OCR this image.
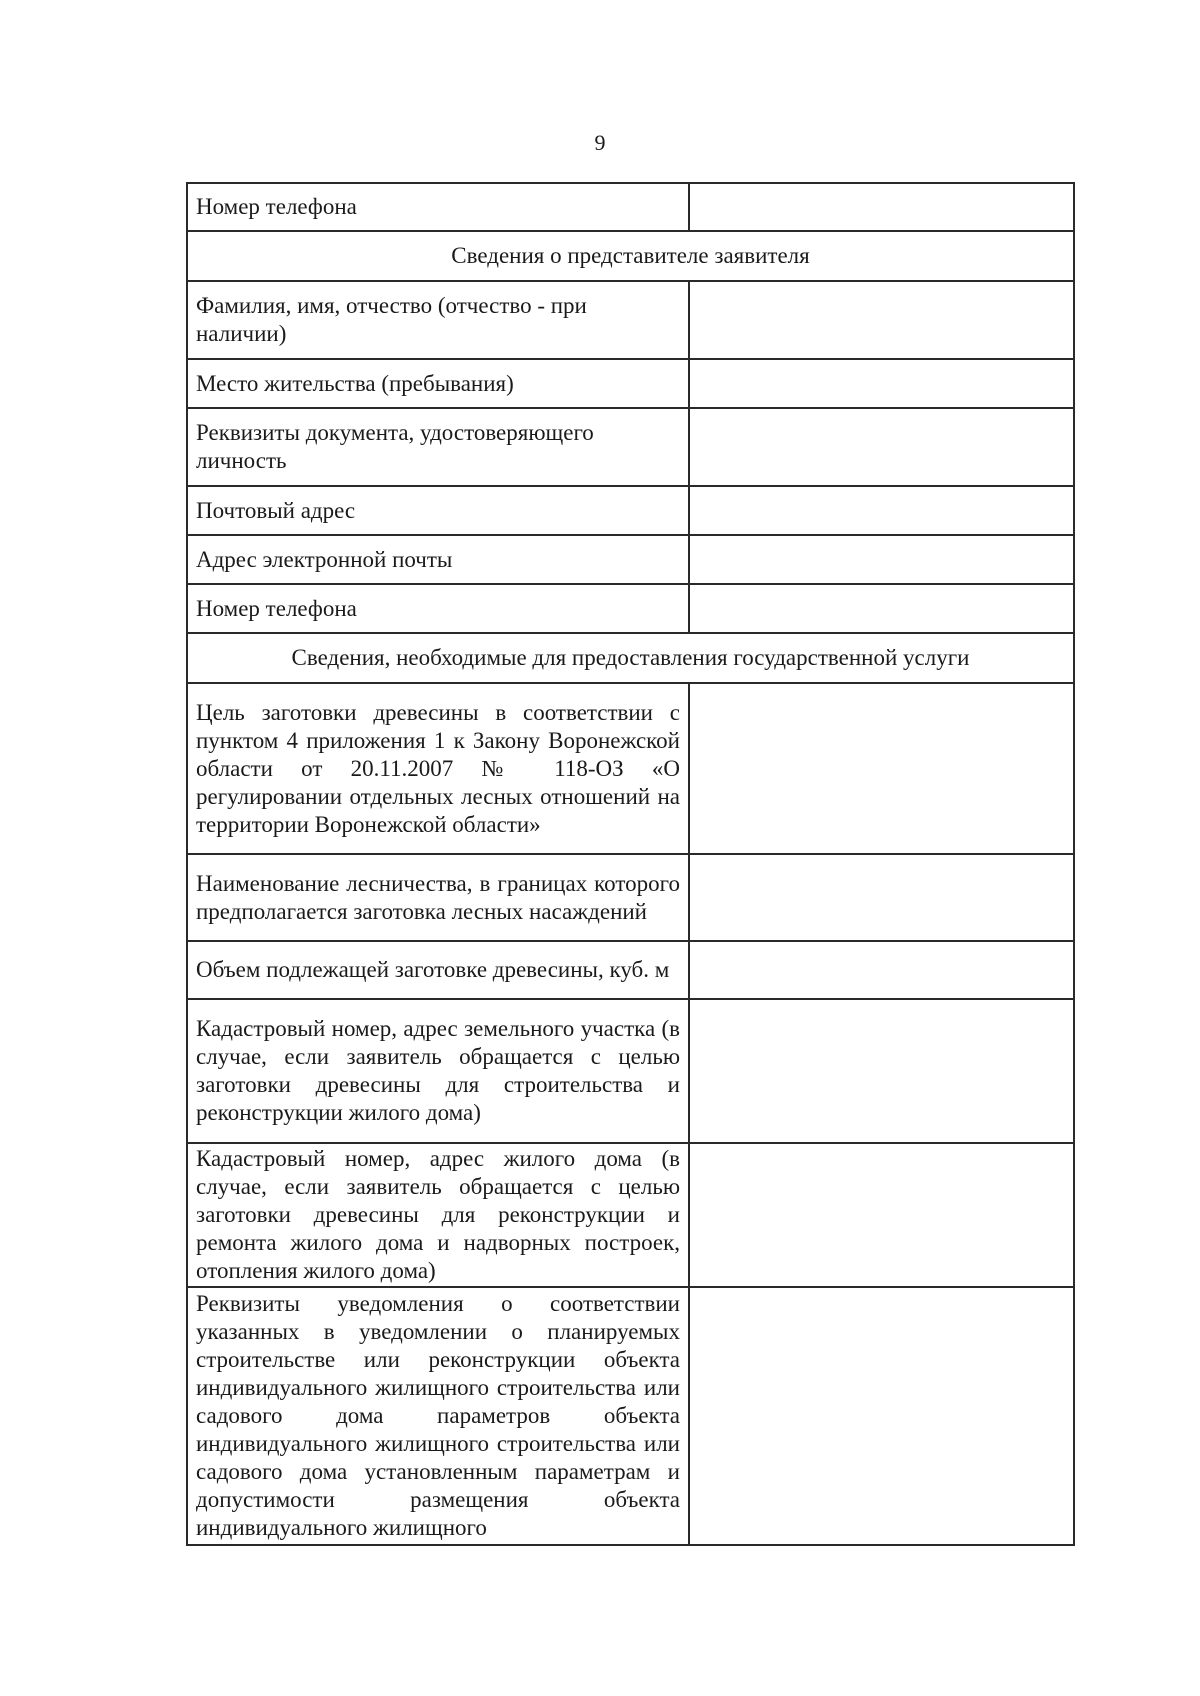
9
Номер телефона	
Сведения о представителе заявителя	
Фамилия, имя, отчество (отчество - при наличии)	
Место жительства (пребывания)	
Реквизиты документа, удостоверяющего личность	
Почтовый адрес	
Адрес электронной почты	
Номер телефона	
Сведения, необходимые для предоставления государственной услуги	
Цель заготовки древесины в соответствии с пунктом 4 приложения 1 к Закону Воронежской области от 20.11.2007 № 118-ОЗ «О регулировании отдельных лесных отношений на территории Воронежской области»	
Наименование лесничества, в границах которого предполагается заготовка лесных насаждений	
Объем подлежащей заготовке древесины, куб. м	
Кадастровый номер, адрес земельного участка (в случае, если заявитель обращается с целью заготовки древесины для строительства и реконструкции жилого дома)	
Кадастровый номер, адрес жилого дома (в случае, если заявитель обращается с целью заготовки древесины для реконструкции и ремонта жилого дома и надворных построек, отопления жилого дома)	
Реквизиты уведомления о соответствии указанных в уведомлении о планируемых строительстве или реконструкции объекта индивидуального жилищного строительства или садового дома параметров объекта индивидуального жилищного строительства или садового дома установленным параметрам и допустимости размещения объекта индивидуального жилищного	
